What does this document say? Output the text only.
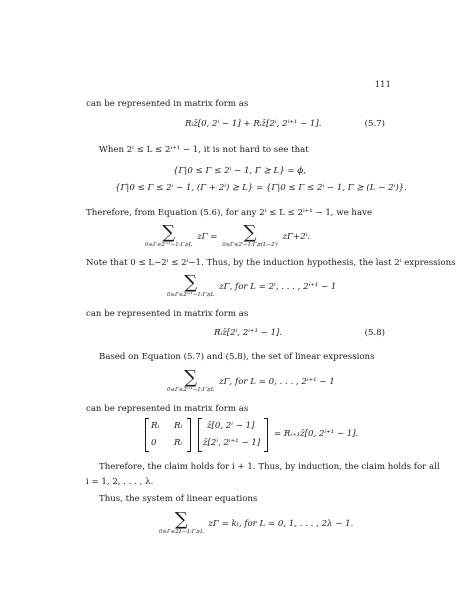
111
can be represented in matrix form as
Rᵢz̄[0, 2ⁱ − 1] + Rᵢz̄[2ⁱ, 2ⁱ⁺¹ − 1].	(5.7)
When 2ⁱ ≤ L ≤ 2ⁱ⁺¹ − 1, it is not hard to see that
{Γ|0 ≤ Γ ≤ 2ⁱ − 1, Γ ⪰ L} = ϕ,
{Γ|0 ≤ Γ ≤ 2ⁱ − 1, (Γ + 2ⁱ) ⪰ L} = {Γ|0 ≤ Γ ≤ 2ⁱ − 1, Γ ⪰ (L − 2ⁱ)}.
Therefore, from Equation (5.6), for any 2ⁱ ≤ L ≤ 2ⁱ⁺¹ − 1, we have
∑
0≤Γ≤2ⁱ⁺¹−1:Γ⪰L
zΓ =	∑
0≤Γ≤2ⁱ−1:Γ⪰(L−2ⁱ)
zΓ+2ⁱ.
Note that 0 ≤ L−2ⁱ ≤ 2ⁱ−1. Thus, by the induction hypothesis, the last 2ⁱ expressions
∑
0≤Γ≤2ⁱ⁺¹−1:Γ⪰L
zΓ, for L = 2ⁱ, . . . , 2ⁱ⁺¹ − 1
can be represented in matrix form as
Rᵢz̄[2ⁱ, 2ⁱ⁺¹ − 1].	(5.8)
Based on Equation (5.7) and (5.8), the set of linear expressions
∑
0≤Γ≤2ⁱ⁺¹−1:Γ⪰L
zΓ, for L = 0, . . . , 2ⁱ⁺¹ − 1
can be represented in matrix form as
Rᵢ Rᵢ
0 Rᵢ
z̄[0, 2ⁱ − 1]
z̄[2ⁱ, 2ⁱ⁺¹ − 1]
= Rᵢ₊₁z̄[0, 2ⁱ⁺¹ − 1].
Therefore, the claim holds for i + 1. Thus, by induction, the claim holds for all
i = 1, 2, . . . , λ.
Thus, the system of linear equations
∑
0≤Γ≤2λ−1:Γ⪰L
zΓ = kₗ, for L = 0, 1, . . . , 2λ − 1.
